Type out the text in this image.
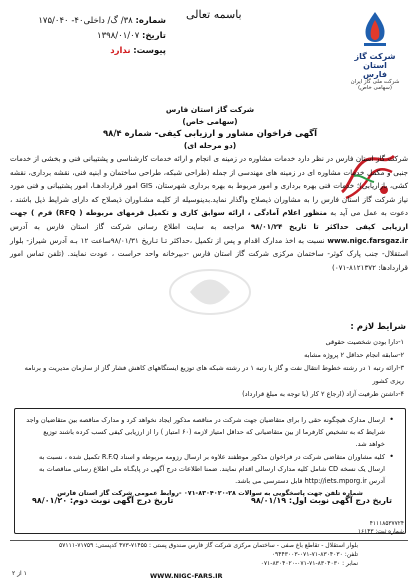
باسمه تعالی
شماره: ۳۸/ گ/ داخلی۴۰- ۱۷۵/۰۴۰
تاریخ: ۱۳۹۸/۰۱/۰۷
پیوست: ندارد
شرکت گاز استان فارس
شرکت ملی گاز ایران
(سهامی خاص)
شرکت گاز استان فارس
(سهامی خاص)
آگهی فراخوان مشاور و ارزیابی کیفی- شماره ۹۸/۴
(دو مرحله ای)
شرکت گاز استان فارس در نظر دارد خدمات مشاوره در زمینه ی انجام و ارائه خدمات کارشناسی و پشتیبانی فنی و بخشی از خدمات جنبی و مکمل خدمات مشاوره ای در زمینه های مهندسی از جمله (طراحی شبکه، طراحی ساختمان و ابنیه فنی، نقشه برداری، نقشه کشی، بازاریابی)؛ خدمات فنی بهره برداری و امور مربوط به بهره برداری شهرستان، GIS امور قراردادهـا، امور پشتیبانی و فنی مورد نیاز شرکت گاز استان فارس را به مشاوران ذیصلاح واگذار نماید.بدینوسیله از کلیـه مشـاوران ذیصلاح که دارای شرایط ذیل باشند ، دعوت به عمل می آید به منظور اعلام آمادگی ، ارائه سوابق کاری و تکمیل فرمهای مربوطه ( RFQ) فرم ) جهت ارزیابی کیفی حداکثر تا تاریخ ۹۸/۰۱/۲۴ مراجعه به سایت اطلاع رسانی شرکت گاز استان فارس به آدرس www.nigc.farsgaz.ir نسبت به اخذ مدارک اقدام و پس از تکمیل ،حداکثر تـا تـاریخ ۹۸/۰۱/۳۱ساعت ۱۲ بـه آدرس شیراز- بلوار استقلال- جنب پارک کوثر- ساختمان مرکزی شرکت گاز استان فارس -دبیرخانه واحد حراست ، عودت نمایند. (تلفن تماس امور قراردادها: ۸۱۲۱۳۷۲-۰۷۱)
شرایط لازم :
۱-دارا بودن شخصیت حقوقی
۲-سابقه انجام حداقل ۲ پروژه مشابه
۳-ارائه رتبه ۱ در رشته خطوط انتقال نفت و گاز یا رتبه ۱ در رشته شبکه های توزیع ایستگاههای کاهش فشار گاز از سازمان مدیریت و برنامه
ریزی کشور
۴-داشتن ظرفیت آزاد (ارجاع ۲ کار (با توجه به مبلغ قرارداد)
• ارسال مدارک هیچگونه حقی را برای متقاضیان جهت شرکت در مناقصه مذکور ایجاد نخواهد کرد و مدارک مناقصه بین متقاضیان واجد شرایط که به تشخیص کارفرما از بین متقاضیانی که حداقل امتیاز لازمه (۶۰ امتیاز ) را از ارزیابی کیفی کسب کرده باشند توزیع خواهد شد.
• کلیه مشاوران متقاضی شرکت در فراخوان مذکور موظفند علاوه بر ارسال رزومه مربوطه و اسناد R.F.Q تکمیل شده ، نسبت به ارسال یک نسخه CD شامل کلیه مدارک ارسالی اقدام نمایند. ضمنا اطلاعات درج آگهی در پایگـاه ملی اطلاع رسانی مناقصات به آدرس http://iets.mporg.ir قابل دسترسی می باشد.
شماره تلفن جهت پاسخگویی به سوالات ۲۸-۸۳۰۴۰۲۰-۰۷۱ -روابط عمومی شرکت گاز استان فارس
تاریخ درج آگهی نوبت اول: ۹۸/۰۱/۱۹
تاریخ درج آگهی نوبت دوم: ۹۸/۰۱/۲۰
۴۱۱۱۸۵۳۷۷۲۴
شماره ثبت: ۱۶۱۴۳
بلوار استقلال - تقاطع باغ صفی - ساختمان مرکزی شرکت گاز فارس صندوق پستی : ۷۱۴۵۵-۴۷۳ کدپستی: ۷۱۷۵۹-۵۷۱۱۱
تلفن: ۸۳۰۴۰۳۰-۷۱-۰۷۱-۰۹۴۴۳۰۰۳
نمابر : ۸۳۰۴۰۳۰-۷۱-۰۷۱-۸۳۰۴۰۲۰-۰۷۱
WWW.NIGC-FARS.IR
۱ از ۲
